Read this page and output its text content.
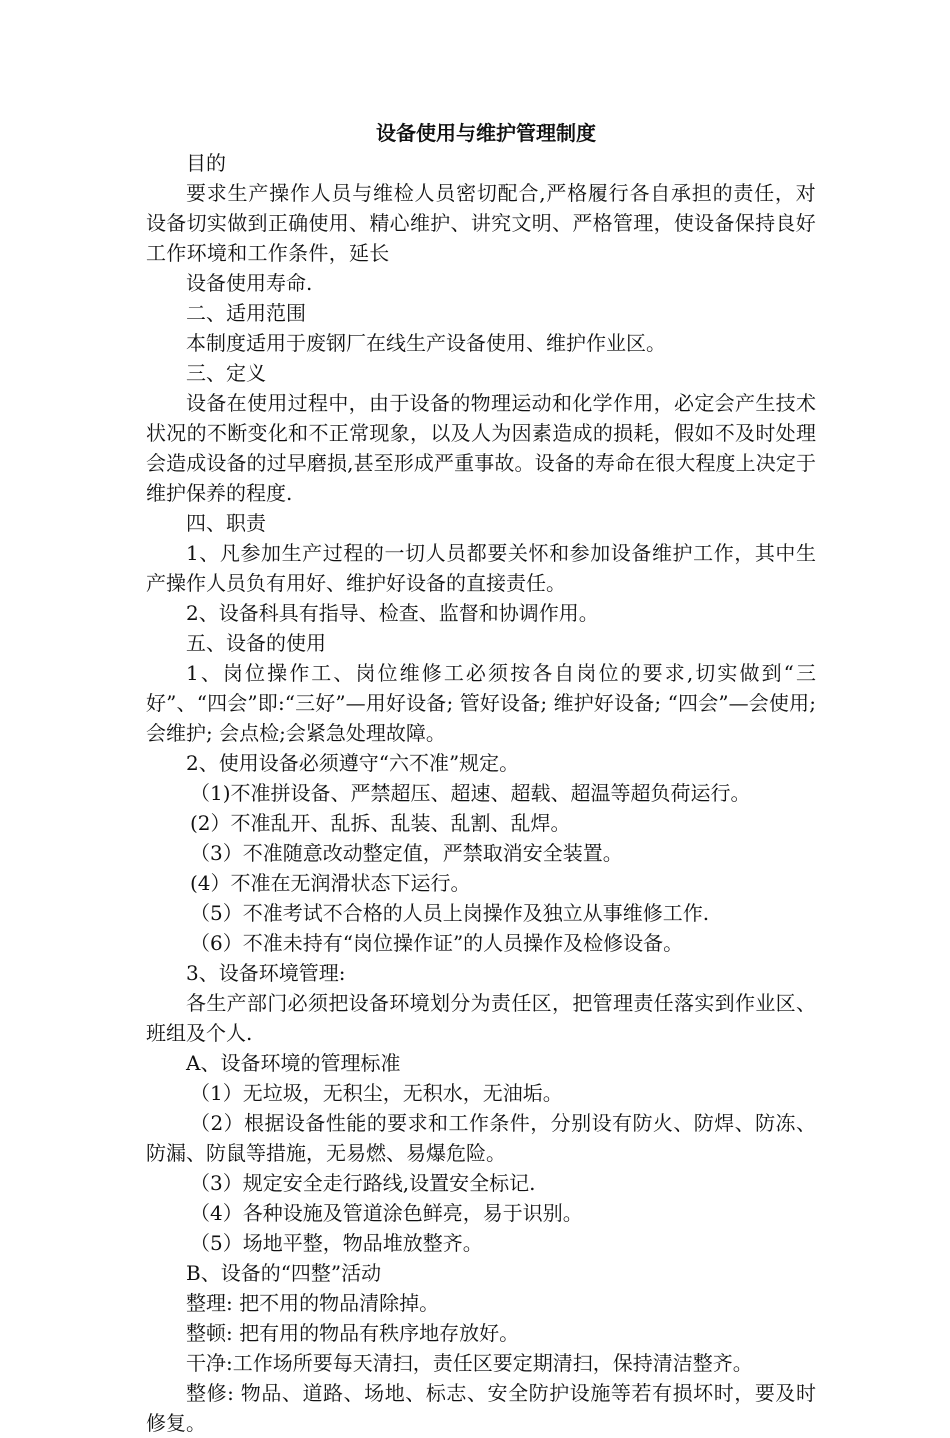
设备使用与维护管理制度

目的

要求生产操作人员与维检人员密切配合,严格履行各自承担的责任，对设备切实做到正确使用、精心维护、讲究文明、严格管理，使设备保持良好工作环境和工作条件，延长

设备使用寿命.

二、适用范围

本制度适用于废钢厂在线生产设备使用、维护作业区。

三、定义

设备在使用过程中，由于设备的物理运动和化学作用，必定会产生技术状况的不断变化和不正常现象，以及人为因素造成的损耗，假如不及时处理会造成设备的过早磨损,甚至形成严重事故。设备的寿命在很大程度上决定于维护保养的程度.

四、职责

1、凡参加生产过程的一切人员都要关怀和参加设备维护工作，其中生产操作人员负有用好、维护好设备的直接责任。

2、设备科具有指导、检查、监督和协调作用。

五、设备的使用

1、岗位操作工、岗位维修工必须按各自岗位的要求,切实做到“三好”、“四会”即:“三好”—用好设备; 管好设备; 维护好设备; “四会”—会使用;会维护; 会点检;会紧急处理故障。

2、使用设备必须遵守“六不准”规定。

（1)不准拼设备、严禁超压、超速、超载、超温等超负荷运行。

(2）不准乱开、乱拆、乱装、乱割、乱焊。

（3）不准随意改动整定值，严禁取消安全装置。

(4）不准在无润滑状态下运行。

（5）不准考试不合格的人员上岗操作及独立从事维修工作.

（6）不准未持有“岗位操作证”的人员操作及检修设备。

3、设备环境管理:

各生产部门必须把设备环境划分为责任区，把管理责任落实到作业区、班组及个人.

A、设备环境的管理标准

（1）无垃圾，无积尘，无积水，无油垢。

（2）根据设备性能的要求和工作条件，分别设有防火、防焊、防冻、防漏、防鼠等措施，无易燃、易爆危险。

（3）规定安全走行路线,设置安全标记.

（4）各种设施及管道涂色鲜亮，易于识别。

（5）场地平整，物品堆放整齐。

B、设备的“四整”活动

整理: 把不用的物品清除掉。

整顿: 把有用的物品有秩序地存放好。

干净:工作场所要每天清扫，责任区要定期清扫，保持清洁整齐。

整修: 物品、道路、场地、标志、安全防护设施等若有损坏时，要及时修复。
